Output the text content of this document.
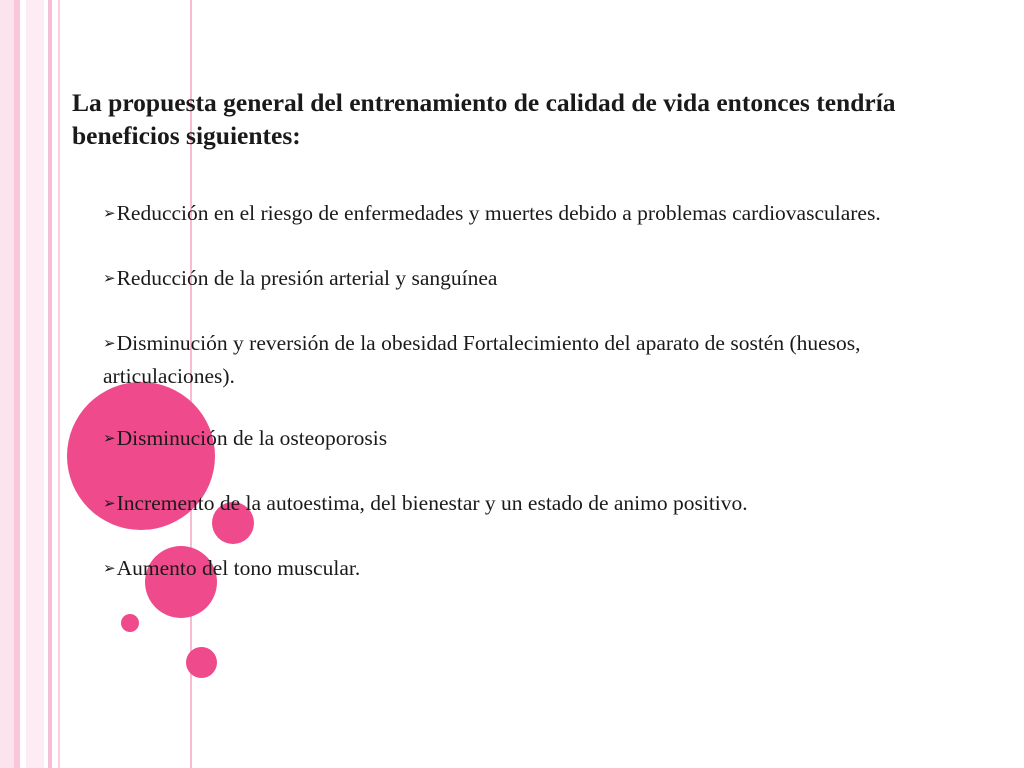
La propuesta general del entrenamiento de calidad de vida entonces tendría beneficios siguientes:
➢Reducción en el riesgo de enfermedades y muertes debido a problemas cardiovasculares.
➢Reducción de la presión arterial y sanguínea
➢Disminución y reversión de la obesidad Fortalecimiento del aparato de sostén (huesos, articulaciones).
➢Disminución de la osteoporosis
➢Incremento de la autoestima, del bienestar y un estado de animo positivo.
➢Aumento del tono muscular.
